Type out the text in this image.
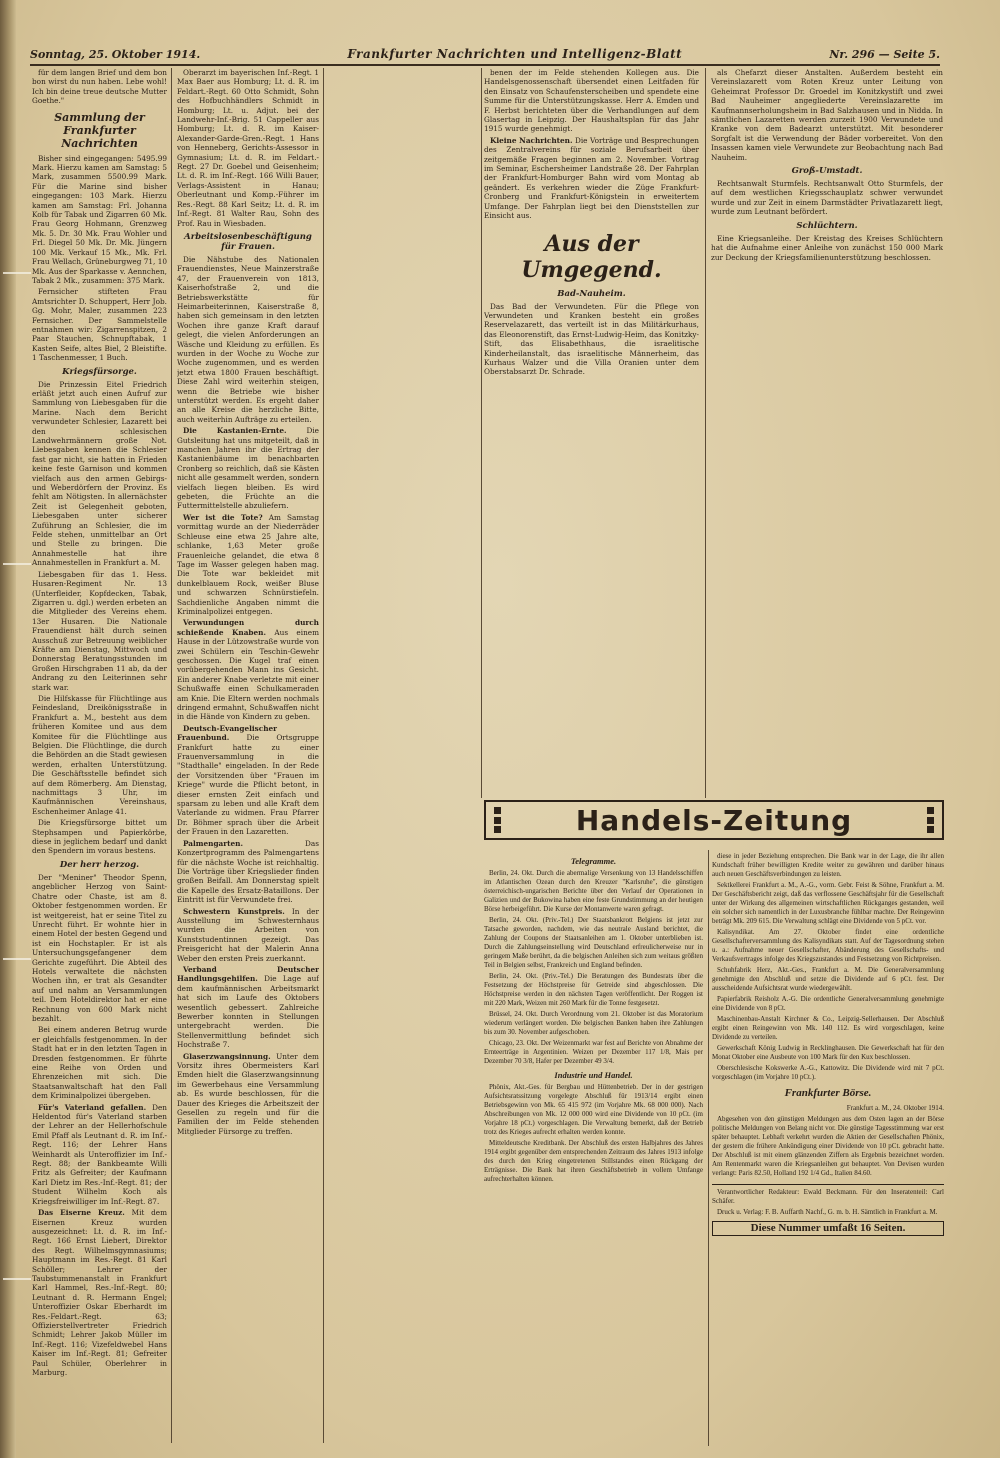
Sonntag, 25. Oktober 1914.	Frankfurter Nachrichten und Intelligenz-Blatt	Nr. 296 — Seite 5.

für dem langen Brief und dem bon bon wirst du nun haben. Lebe wohl! Ich bin deine treue deutsche Mutter Goethe."

Sammlung der Frankfurter Nachrichten

Bisher sind eingegangen: 5495.99 Mark. Hierzu kamen am Samstag: 5 Mark, zusammen 5500.99 Mark. Für die Marine sind bisher eingegangen: 103 Mark. Hierzu kamen am Samstag: Frl. Johanna Kolb für Tabak und Zigarren 60 Mk. Frau Georg Hohmann, Grenzweg Mk. 5. Dr. 30 Mk. Frau Wohler und Frl. Diegel 50 Mk. Dr. Mk. Jüngern 100 Mk. Verkauf 15 Mk., Mk. Frl. Frau Wellach, Grüneburgweg 71, 10 Mk. Aus der Sparkasse v. Aennchen, Tabak 2 Mk., zusammen: 375 Mark.

Fernsicher stifteten Frau Amtsrichter D. Schuppert, Herr Job. Gg. Mohr, Maler, zusammen 223 Fernsicher. Der Sammelstelle entnahmen wir: Zigarrenspitzen, 2 Paar Stauchen, Schnupftabak, 1 Kasten Seife, altes Biel, 2 Bleistifte. 1 Taschenmesser, 1 Buch.

Kriegsfürsorge.

Die Prinzessin Eitel Friedrich erläßt jetzt auch einen Aufruf zur Sammlung von Liebesgaben für die Marine. Nach dem Bericht verwundeter Schlesier, Lazarett bei den schlesischen Landwehrmännern große Not. Liebesgaben kennen die Schlesier fast gar nicht, sie hatten in Frieden keine feste Garnison und kommen vielfach aus den armen Gebirgs- und Weberdörfern der Provinz. Es fehlt am Nötigsten. In allernächster Zeit ist Gelegenheit geboten, Liebesgaben unter sicherer Zuführung an Schlesier, die im Felde stehen, unmittelbar an Ort und Stelle zu bringen. Die Annahmestelle hat ihre Annahmestellen in Frankfurt a. M.

Liebesgaben für das 1. Hess. Husaren-Regiment Nr. 13 (Unterfleider, Kopfdecken, Tabak, Zigarren u. dgl.) werden erbeten an die Mitglieder des Vereins ehem. 13er Husaren. Die Nationale Frauendienst hält durch seinen Ausschuß zur Betreuung weiblicher Kräfte am Dienstag, Mittwoch und Donnerstag Beratungsstunden im Großen Hirschgraben 11 ab, da der Andrang zu den Leiterinnen sehr stark war.

Die Hilfskasse für Flüchtlinge aus Feindesland, Dreikönigsstraße in Frankfurt a. M., besteht aus dem früheren Komitee und aus dem Komitee für die Flüchtlinge aus Belgien. Die Flüchtlinge, die durch die Behörden an die Stadt gewiesen werden, erhalten Unterstützung. Die Geschäftsstelle befindet sich auf dem Römerberg. Am Dienstag, nachmittags 3 Uhr, im Kaufmännischen Vereinshaus, Eschenheimer Anlage 41.

Die Kriegsfürsorge bittet um Stephsampen und Papierkörbe, diese in jeglichem bedarf und dankt den Spendern im voraus bestens.

Der herr herzog.

Der "Meniner" Theodor Spenn, angeblicher Herzog von Saint-Chatre oder Chaste, ist am 8. Oktober festgenommen worden. Er ist weitgereist, hat er seine Titel zu Unrecht führt. Er wohnte hier in einem Hotel der besten Gegend und ist ein Hochstapler. Er ist als Untersuchungsgefangener dem Gerichte zugeführt. Die Abteil des Hotels verwaltete die nächsten Wochen ihn, er trat als Gesandter auf und nahm an Versammlungen teil. Dem Hoteldirektor hat er eine Rechnung von 600 Mark nicht bezahlt.

Bei einem anderen Betrug wurde er gleichfalls festgenommen. In der Stadt hat er in den letzten Tagen in Dresden festgenommen. Er führte eine Reihe von Orden und Ehrenzeichen mit sich. Die Staatsanwaltschaft hat den Fall dem Kriminalpolizei übergeben.

Für's Vaterland gefallen. Den Heldentod für's Vaterland starben der Lehrer an der Hellerhofschule Emil Pfaff als Leutnant d. R. im Inf.-Regt. 116; der Lehrer Hans Weinhardt als Unteroffizier im Inf.-Regt. 88; der Bankbeamte Willi Fritz als Gefreiter; der Kaufmann Karl Dietz im Res.-Inf.-Regt. 81; der Student Wilhelm Koch als Kriegsfreiwilliger im Inf.-Regt. 87.

Das Eiserne Kreuz. Mit dem Eisernen Kreuz wurden ausgezeichnet: Lt. d. R. im Inf.-Regt. 166 Ernst Liebert, Direktor des Regt. Wilhelmsgymnasiums; Hauptmann im Res.-Regt. 81 Karl Schöller; Lehrer der Taubstummenanstalt in Frankfurt Karl Hammel, Res.-Inf.-Regt. 80; Leutnant d. R. Hermann Engel; Unteroffizier Oskar Eberhardt im Res.-Feldart.-Regt. 63; Offizierstellvertreter Friedrich Schmidt; Lehrer Jakob Müller im Inf.-Regt. 116; Vizefeldwebel Hans Kaiser im Inf.-Regt. 81; Gefreiter Paul Schüler, Oberlehrer in Marburg.

Oberarzt im bayerischen Inf.-Regt. 1 Max Baer aus Homburg; Lt. d. R. im Feldart.-Regt. 60 Otto Schmidt, Sohn des Hofbuchhändlers Schmidt in Homburg; Lt. u. Adjut. bei der Landwehr-Inf.-Brig. 51 Cappeller aus Homburg; Lt. d. R. im Kaiser-Alexander-Garde-Gren.-Regt. 1 Hans von Henneberg, Gerichts-Assessor in Gymnasium; Lt. d. R. im Feldart.-Regt. 27 Dr. Goebel und Geisenheim; Lt. d. R. im Inf.-Regt. 166 Willi Bauer, Verlags-Assistent in Hanau; Oberleutnant und Komp.-Führer im Res.-Regt. 88 Karl Seitz; Lt. d. R. im Inf.-Regt. 81 Walter Rau, Sohn des Prof. Rau in Wiesbaden.

Arbeitslosenbeschäftigung für Frauen.

Die Nähstube des Nationalen Frauendienstes, Neue Mainzerstraße 47, der Frauenverein von 1813, Kaiserhofstraße 2, und die Betriebswerkstätte für Heimarbeiterinnen, Kaiserstraße 8, haben sich gemeinsam in den letzten Wochen ihre ganze Kraft darauf gelegt, die vielen Anforderungen an Wäsche und Kleidung zu erfüllen. Es wurden in der Woche zu Woche zur Woche zugenommen, und es werden jetzt etwa 1800 Frauen beschäftigt. Diese Zahl wird weiterhin steigen, wenn die Betriebe wie bisher unterstützt werden. Es ergeht daher an alle Kreise die herzliche Bitte, auch weiterhin Aufträge zu erteilen.

Die Kastanien-Ernte.	Die Gutsleitung hat uns mitgeteilt, daß in manchen Jahren ihr die Ertrag der Kastanienbäume im benachbarten Cronberg so reichlich, daß sie Kästen nicht alle gesammelt werden, sondern vielfach liegen bleiben. Es wird gebeten, die Früchte an die Futtermittelstelle abzuliefern.

Wer ist die Tote? Am Samstag vormittag wurde an der Niederräder Schleuse eine etwa 25 Jahre alte, schlanke, 1,63 Meter große Frauenleiche gelandet, die etwa 8 Tage im Wasser gelegen haben mag. Die Tote war bekleidet mit dunkelblauem Rock, weißer Bluse und schwarzen Schnürstiefeln. Sachdienliche Angaben nimmt die Kriminalpolizei entgegen.

Verwundungen durch schießende Knaben. Aus einem Hause in der Lützowstraße wurde von zwei Schülern ein Teschin-Gewehr geschossen. Die Kugel traf einen vorübergehenden Mann ins Gesicht. Ein anderer Knabe verletzte mit einer Schußwaffe einen Schulkameraden am Knie. Die Eltern werden nochmals dringend ermahnt, Schußwaffen nicht in die Hände von Kindern zu geben.

Deutsch-Evangelischer Frauenbund. Die Ortsgruppe Frankfurt hatte zu einer Frauenversammlung in die "Stadthalle" eingeladen. In der Rede der Vorsitzenden über "Frauen im Kriege" wurde die Pflicht betont, in dieser ernsten Zeit einfach und sparsam zu leben und alle Kraft dem Vaterlande zu widmen. Frau Pfarrer Dr. Böhmer sprach über die Arbeit der Frauen in den Lazaretten.

Palmengarten.	Das Konzertprogramm des Palmengartens für die nächste Woche ist reichhaltig. Die Vorträge über Kriegslieder finden großen Beifall. Am Donnerstag spielt die Kapelle des Ersatz-Bataillons. Der Eintritt ist für Verwundete frei.

Schwestern Kunstpreis. In der Ausstellung im Schwesternhaus wurden die Arbeiten von Kunststudentinnen gezeigt. Das Preisgericht hat der Malerin Anna Weber den ersten Preis zuerkannt.

Verband Deutscher Handlungsgehilfen. Die Lage auf dem kaufmännischen Arbeitsmarkt hat sich im Laufe des Oktobers wesentlich gebessert. Zahlreiche Bewerber konnten in Stellungen untergebracht werden. Die Stellenvermittlung befindet sich Hochstraße 7.

Glaserzwangsinnung. Unter dem Vorsitz ihres Obermeisters Karl Emden hielt die Glaserzwangsinnung im Gewerbehaus eine Versammlung ab. Es wurde beschlossen, für die Dauer des Krieges die Arbeitszeit der Gesellen zu regeln und für die Familien der im Felde stehenden Mitglieder Fürsorge zu treffen.

benen der im Felde stehenden Kollegen aus. Die Handelsgenossenschaft übersendet einen Leitfaden für den Einsatz von Schaufensterscheiben und spendete eine Summe für die Unterstützungskasse. Herr A. Emden und F. Herbst berichteten über die Verhandlungen auf dem Glasertag in Leipzig. Der Haushaltsplan für das Jahr 1915 wurde genehmigt.

Kleine Nachrichten. Die Vorträge und Besprechungen des Zentralvereins für soziale Berufsarbeit über zeitgemäße Fragen beginnen am 2. November. Vortrag im Seminar, Eschersheimer Landstraße 28. Der Fahrplan der Frankfurt-Homburger Bahn wird vom Montag ab geändert. Es verkehren wieder die Züge Frankfurt-Cronberg und Frankfurt-Königstein in erweitertem Umfange. Der Fahrplan liegt bei den Dienststellen zur Einsicht aus.

Aus der Umgegend.
Bad-Nauheim.

Das Bad der Verwundeten. Für die Pflege von Verwundeten und Kranken besteht ein großes Reservelazarett, das verteilt ist in das Militärkurhaus, das Eleonorenstift, das Ernst-Ludwig-Heim, das Konitzky-Stift, das Elisabethhaus, die israelitische Kinderheilanstalt, das israelitische Männerheim, das Kurhaus Walzer und die Villa Oranien unter dem Oberstabsarzt Dr. Schrade.

als Chefarzt dieser Anstalten. Außerdem besteht ein Vereinslazarett vom Roten Kreuz unter Leitung von Geheimrat Professor Dr. Groedel im Konitzkystift und zwei Bad Nauheimer angegliederte Vereinslazarette im Kaufmannserholungsheim in Bad Salzhausen und in Nidda. In sämtlichen Lazaretten werden zurzeit 1900 Verwundete und Kranke von dem Badearzt unterstützt. Mit besonderer Sorgfalt ist die Verwendung der Bäder vorbereitet. Von den Insassen kamen viele Verwundete zur Beobachtung nach Bad Nauheim.

Groß-Umstadt.

Rechtsanwalt Sturmfels. Rechtsanwalt Otto Sturmfels, der auf dem westlichen Kriegsschauplatz schwer verwundet wurde und zur Zeit in einem Darmstädter Privatlazarett liegt, wurde zum Leutnant befördert.

Schlüchtern.

Eine Kriegsanleihe. Der Kreistag des Kreises Schlüchtern hat die Aufnahme einer Anleihe von zunächst 150 000 Mark zur Deckung der Kriegsfamilienunterstützung beschlossen.

Handels-Zeitung
Telegramme.

Berlin, 24. Okt. Durch die abermalige Versenkung von 13 Handelsschiffen im Atlantischen Ozean durch den Kreuzer "Karlsruhe", die günstigen österreichisch-ungarischen Berichte über den Verlauf der Operationen in Galizien und der Bukowina haben eine feste Grundstimmung an der heutigen Börse herbeigeführt. Die Kurse der Montanwerte waren gefragt.

Berlin, 24. Okt. (Priv.-Tel.) Der Staatsbankrott Belgiens ist jetzt zur Tatsache geworden, nachdem, wie das neutrale Ausland berichtet, die Zahlung der Coupons der Staatsanleihen am 1. Oktober unterblieben ist. Durch die Zahlungseinstellung wird Deutschland erfreulicherweise nur in geringem Maße berührt, da die belgischen Anleihen sich zum weitaus größten Teil in Belgien selbst, Frankreich und England befinden.

Berlin, 24. Okt. (Priv.-Tel.) Die Beratungen des Bundesrats über die Festsetzung der Höchstpreise für Getreide sind abgeschlossen. Die Höchstpreise werden in den nächsten Tagen veröffentlicht. Der Roggen ist mit 220 Mark, Weizen mit 260 Mark für die Tonne festgesetzt.

Brüssel, 24. Okt. Durch Verordnung vom 21. Oktober ist das Moratorium wiederum verlängert worden. Die belgischen Banken haben ihre Zahlungen bis zum 30. November aufgeschoben.

Chicago, 23. Okt. Der Weizenmarkt war fest auf Berichte von Abnahme der Ernteerträge in Argentinien. Weizen per Dezember 117 1/8, Mais per Dezember 70 3/8, Hafer per Dezember 49 3/4.

Industrie und Handel.

Phönix, Akt.-Ges. für Bergbau und Hüttenbetrieb. Der in der gestrigen Aufsichtsratssitzung vorgelegte Abschluß für 1913/14 ergibt einen Betriebsgewinn von Mk. 65 415 972 (im Vorjahre Mk. 68 000 000). Nach Abschreibungen von Mk. 12 000 000 wird eine Dividende von 10 pCt. (im Vorjahre 18 pCt.) vorgeschlagen. Die Verwaltung bemerkt, daß der Betrieb trotz des Krieges aufrecht erhalten werden konnte.

Mitteldeutsche Kreditbank. Der Abschluß des ersten Halbjahres des Jahres 1914 ergibt gegenüber dem entsprechenden Zeitraum des Jahres 1913 infolge des durch den Krieg eingetretenen Stillstandes einen Rückgang der Erträgnisse. Die Bank hat ihren Geschäftsbetrieb in vollem Umfange aufrechterhalten können.

diese in jeder Beziehung entsprechen. Die Bank war in der Lage, die ihr allen Kundschaft früher bewilligten Kredite weiter zu gewähren und darüber hinaus auch neuen Geschäftsverbindungen zu leisten.

Sektkellerei Frankfurt a. M., A.-G., vorm. Gebr. Feist & Söhne, Frankfurt a. M. Der Geschäftsbericht zeigt, daß das verflossene Geschäftsjahr für die Gesellschaft unter der Wirkung des allgemeinen wirtschaftlichen Rückganges gestanden, weil ein solcher sich namentlich in der Luxusbranche fühlbar machte. Der Reingewinn beträgt Mk. 209 615. Die Verwaltung schlägt eine Dividende von 5 pCt. vor.

Kalisyndikat. Am 27. Oktober findet eine ordentliche Gesellschafterversammlung des Kalisyndikats statt. Auf der Tagesordnung stehen u. a.: Aufnahme neuer Gesellschafter, Abänderung des Gesellschafts- und Verkaufsvertrages infolge des Kriegszustandes und Festsetzung von Richtpreisen.

Schuhfabrik Herz, Akt.-Ges., Frankfurt a. M. Die Generalversammlung genehmigte den Abschluß und setzte die Dividende auf 6 pCt. fest. Der ausscheidende Aufsichtsrat wurde wiedergewählt.

Papierfabrik Reisholz A.-G. Die ordentliche Generalversammlung genehmigte eine Dividende von 8 pCt.

Maschinenbau-Anstalt Kirchner & Co., Leipzig-Sellerhausen. Der Abschluß ergibt einen Reingewinn von Mk. 140 112. Es wird vorgeschlagen, keine Dividende zu verteilen.

Gewerkschaft König Ludwig in Recklinghausen. Die Gewerkschaft hat für den Monat Oktober eine Ausbeute von 100 Mark für den Kux beschlossen.

Oberschlesische Kokswerke A.-G., Kattowitz. Die Dividende wird mit 7 pCt. vorgeschlagen (im Vorjahre 10 pCt.).

Frankfurter Börse.

Frankfurt a. M., 24. Oktober 1914.

Abgesehen von den günstigen Meldungen aus dem Osten lagen an der Börse politische Meldungen von Belang nicht vor. Die günstige Tagesstimmung war erst später behauptet. Lebhaft verkehrt wurden die Aktien der Gesellschaften Phönix, der gestern die frühere Ankündigung einer Dividende von 10 pCt. gebracht hatte. Der Abschluß ist mit einem glänzenden Ziffern als Ergebnis bezeichnet worden. Am Rentenmarkt waren die Kriegsanleihen gut behauptet. Von Devisen wurden verlangt: Paris 82.50, Holland 192 1/4 Gd., Italien 84.60.

Verantwortlicher Redakteur: Ewald Beckmann. Für den Inseratenteil: Carl Schäfer.

Druck u. Verlag: F. B. Auffarth Nachf., G. m. b. H. Sämtlich in Frankfurt a. M.

Diese Nummer umfaßt 16 Seiten.
